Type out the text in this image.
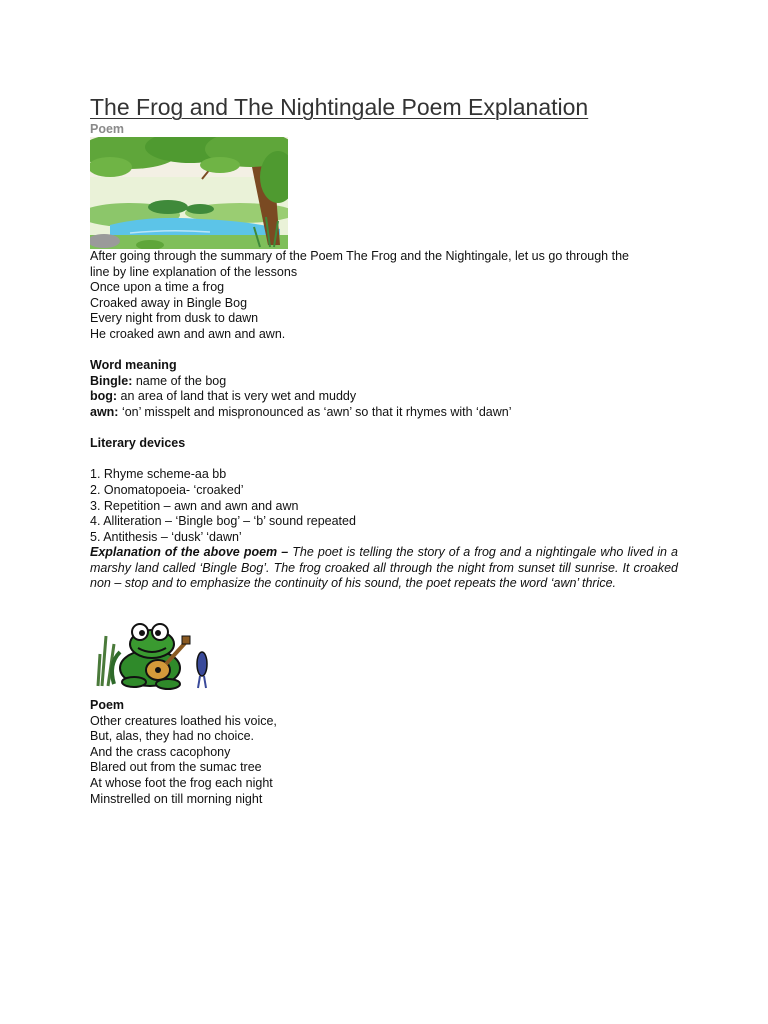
The Frog and The Nightingale Poem Explanation

Poem

After going through the summary of the Poem The Frog and the Nightingale, let us go through the

line by line explanation of the lessons

Once upon a time a frog

Croaked away in Bingle Bog

Every night from dusk to dawn

He croaked awn and awn and awn.

Word meaning

Bingle: name of the bog

bog: an area of land that is very wet and muddy

awn: ‘on’ misspelt and mispronounced as ‘awn’ so that it rhymes with ‘dawn’

Literary devices

1. Rhyme scheme-aa bb

2. Onomatopoeia- ‘croaked’

3. Repetition – awn and awn and awn

4. Alliteration – ‘Bingle bog’ – ‘b’ sound repeated

5. Antithesis – ‘dusk’ ‘dawn’

Explanation of the above poem – The poet is telling the story of a frog and a nightingale who lived in a marshy land called ‘Bingle Bog’. The frog croaked all through the night from sunset till sunrise. It croaked non – stop and to emphasize the continuity of his sound, the poet repeats the word ‘awn’ thrice.

Poem

Other creatures loathed his voice,

But, alas, they had no choice.

And the crass cacophony

Blared out from the sumac tree

At whose foot the frog each night

Minstrelled on till morning night
